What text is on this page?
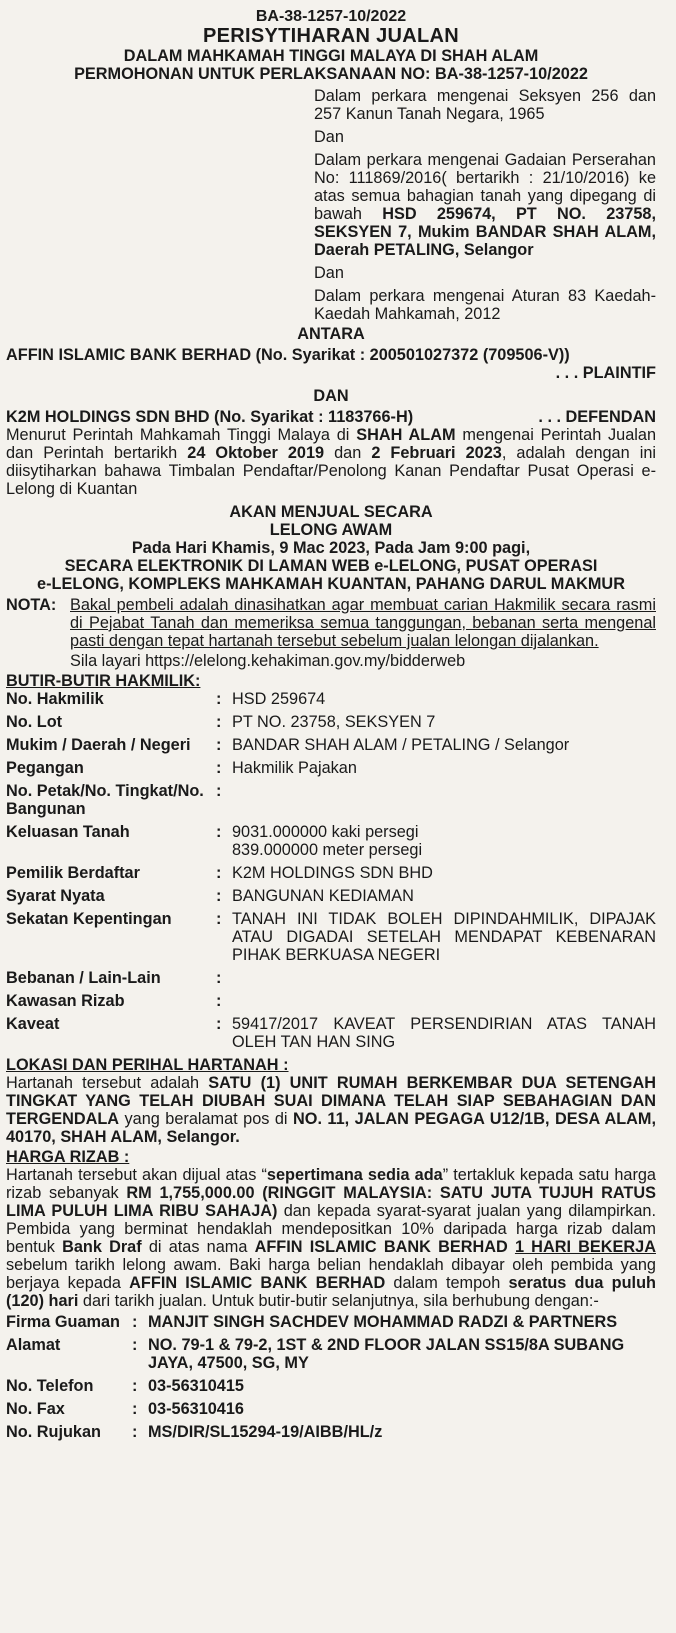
BA-38-1257-10/2022
PERISYTIHARAN JUALAN
DALAM MAHKAMAH TINGGI MALAYA DI SHAH ALAM
PERMOHONAN UNTUK PERLAKSANAAN NO: BA-38-1257-10/2022

Dalam perkara mengenai Seksyen 256 dan 257 Kanun Tanah Negara, 1965

Dan

Dalam perkara mengenai Gadaian Perserahan No: 111869/2016( bertarikh : 21/10/2016) ke atas semua bahagian tanah yang dipegang di bawah HSD 259674, PT NO. 23758, SEKSYEN 7, Mukim BANDAR SHAH ALAM, Daerah PETALING, Selangor

Dan

Dalam perkara mengenai Aturan 83 Kaedah-Kaedah Mahkamah, 2012

ANTARA
AFFIN ISLAMIC BANK BERHAD (No. Syarikat : 200501027372 (709506-V))
. . . PLAINTIF
DAN
K2M HOLDINGS SDN BHD (No. Syarikat : 1183766-H)	. . . DEFENDAN

Menurut Perintah Mahkamah Tinggi Malaya di SHAH ALAM mengenai Perintah Jualan dan Perintah bertarikh 24 Oktober 2019 dan 2 Februari 2023, adalah dengan ini diisytiharkan bahawa Timbalan Pendaftar/Penolong Kanan Pendaftar Pusat Operasi e-Lelong di Kuantan

AKAN MENJUAL SECARA
LELONG AWAM
Pada Hari Khamis, 9 Mac 2023, Pada Jam 9:00 pagi,
SECARA ELEKTRONIK DI LAMAN WEB e-LELONG, PUSAT OPERASI
e-LELONG, KOMPLEKS MAHKAMAH KUANTAN, PAHANG DARUL MAKMUR
NOTA: Bakal pembeli adalah dinasihatkan agar membuat carian Hakmilik secara rasmi di Pejabat Tanah dan memeriksa semua tanggungan, bebanan serta mengenal pasti dengan tepat hartanah tersebut sebelum jualan lelongan dijalankan.
Sila layari https://elelong.kehakiman.gov.my/bidderweb
BUTIR-BUTIR HAKMILIK:
No. Hakmilik	:	HSD 259674

No. Lot	:	PT NO. 23758, SEKSYEN 7

Mukim / Daerah / Negeri	:	BANDAR SHAH ALAM / PETALING / Selangor

Pegangan	:	Hakmilik Pajakan

No. Petak/No. Tingkat/No. Bangunan	:	

Keluasan Tanah	:	9031.000000 kaki persegi
839.000000 meter persegi

Pemilik Berdaftar	:	K2M HOLDINGS SDN BHD

Syarat Nyata	:	BANGUNAN KEDIAMAN

Sekatan Kepentingan	:	TANAH INI TIDAK BOLEH DIPINDAHMILIK, DIPAJAK ATAU DIGADAI SETELAH MENDAPAT KEBENARAN PIHAK BERKUASA NEGERI

Bebanan / Lain-Lain	:	

Kawasan Rizab	:	

Kaveat	:	59417/2017 KAVEAT PERSENDIRIAN ATAS TANAH OLEH TAN HAN SING
LOKASI DAN PERIHAL HARTANAH :

Hartanah tersebut adalah SATU (1) UNIT RUMAH BERKEMBAR DUA SETENGAH TINGKAT YANG TELAH DIUBAH SUAI DIMANA TELAH SIAP SEBAHAGIAN DAN TERGENDALA yang beralamat pos di NO. 11, JALAN PEGAGA U12/1B, DESA ALAM, 40170, SHAH ALAM, Selangor.

HARGA RIZAB :

Hartanah tersebut akan dijual atas “sepertimana sedia ada” tertakluk kepada satu harga rizab sebanyak RM 1,755,000.00 (RINGGIT MALAYSIA: SATU JUTA TUJUH RATUS LIMA PULUH LIMA RIBU SAHAJA) dan kepada syarat-syarat jualan yang dilampirkan. Pembida yang berminat hendaklah mendepositkan 10% daripada harga rizab dalam bentuk Bank Draf di atas nama AFFIN ISLAMIC BANK BERHAD 1 HARI BEKERJA sebelum tarikh lelong awam. Baki harga belian hendaklah dibayar oleh pembida yang berjaya kepada AFFIN ISLAMIC BANK BERHAD dalam tempoh seratus dua puluh (120) hari dari tarikh jualan. Untuk butir-butir selanjutnya, sila berhubung dengan:-

Firma Guaman	:	MANJIT SINGH SACHDEV MOHAMMAD RADZI & PARTNERS
Alamat	:	NO. 79-1 & 79-2, 1ST & 2ND FLOOR JALAN SS15/8A SUBANG JAYA, 47500, SG, MY
No. Telefon	:	03-56310415
No. Fax	:	03-56310416
No. Rujukan	:	MS/DIR/SL15294-19/AIBB/HL/z
